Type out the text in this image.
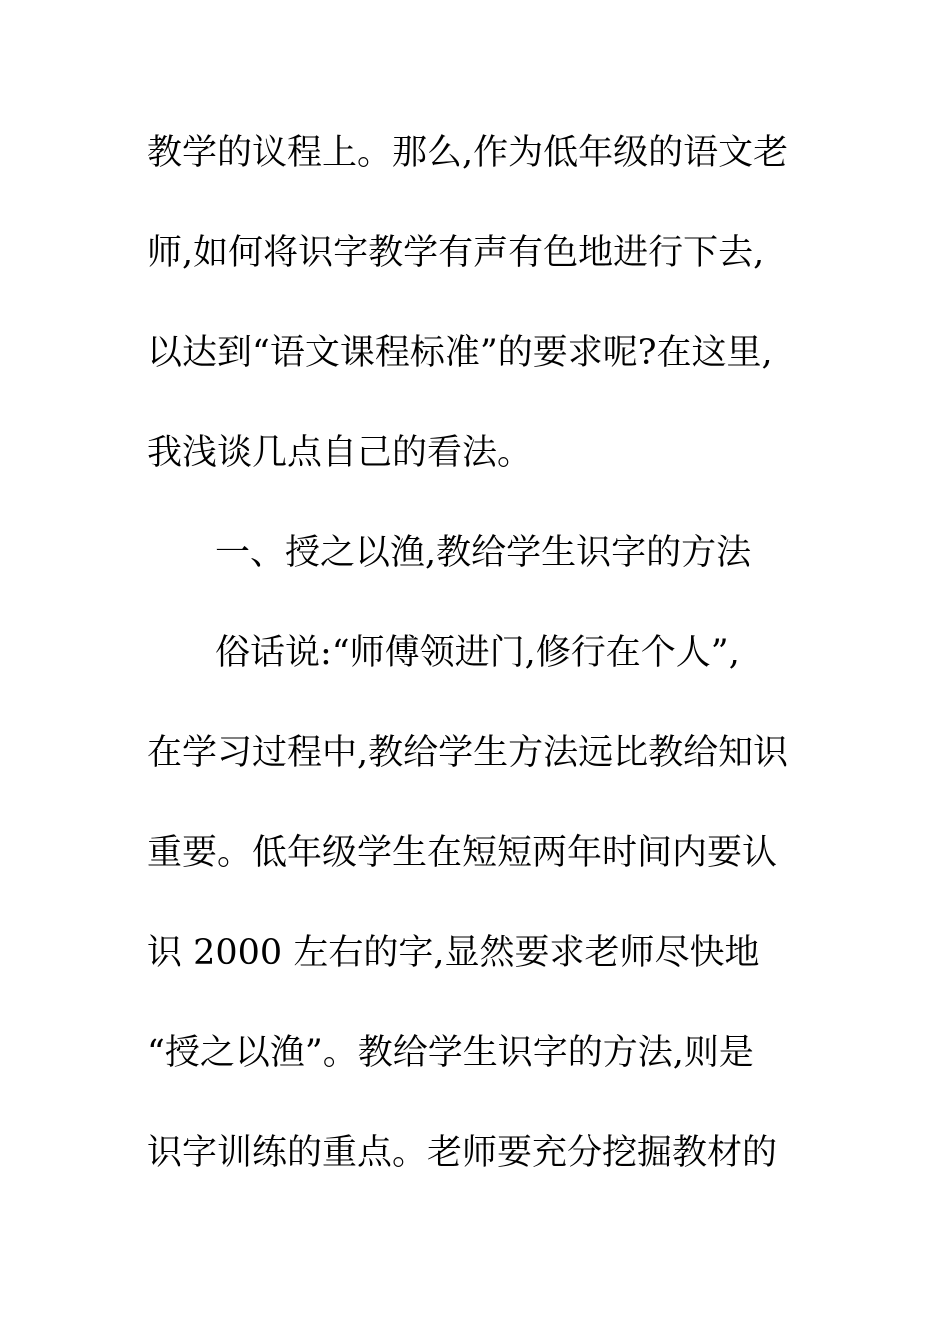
教学的议程上。那么,作为低年级的语文老

师,如何将识字教学有声有色地进行下去,

以达到“语文课程标准”的要求呢?在这里,

我浅谈几点自己的看法。

一、授之以渔,教给学生识字的方法

俗话说:“师傅领进门,修行在个人”,

在学习过程中,教给学生方法远比教给知识

重要。低年级学生在短短两年时间内要认

识 2000 左右的字,显然要求老师尽快地

“授之以渔”。教给学生识字的方法,则是

识字训练的重点。老师要充分挖掘教材的
